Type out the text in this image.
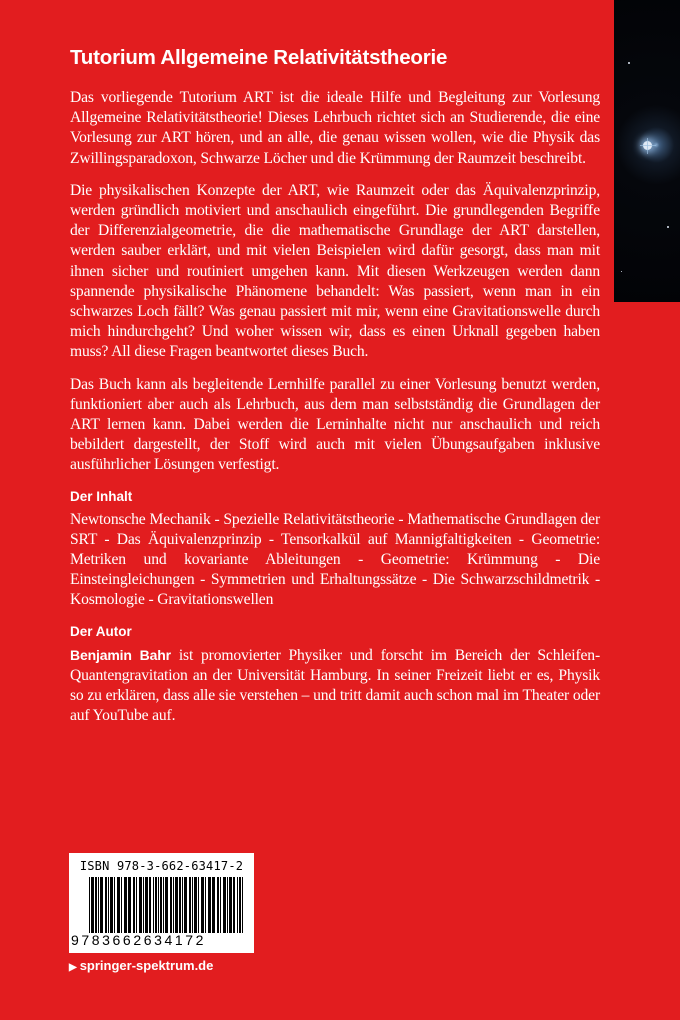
Tutorium Allgemeine Relativitätstheorie

Das vorliegende Tutorium ART ist die ideale Hilfe und Begleitung zur Vorlesung Allgemeine Relativitätstheorie! Dieses Lehrbuch richtet sich an Studierende, die eine Vorlesung zur ART hören, und an alle, die genau wissen wollen, wie die Physik das Zwillingsparadoxon, Schwarze Löcher und die Krümmung der Raumzeit beschreibt.

Die physikalischen Konzepte der ART, wie Raumzeit oder das Äquivalenzprinzip, werden gründlich motiviert und anschaulich eingeführt. Die grundlegenden Begriffe der Differenzialgeometrie, die die mathematische Grundlage der ART darstellen, werden sauber erklärt, und mit vielen Beispielen wird dafür gesorgt, dass man mit ihnen sicher und routiniert umgehen kann. Mit diesen Werkzeugen werden dann spannende physikalische Phänomene behandelt: Was passiert, wenn man in ein schwarzes Loch fällt? Was genau passiert mit mir, wenn eine Gravitationswelle durch mich hindurchgeht? Und woher wissen wir, dass es einen Urknall gegeben haben muss? All diese Fragen beantwortet dieses Buch.

Das Buch kann als begleitende Lernhilfe parallel zu einer Vorlesung benutzt werden, funktioniert aber auch als Lehrbuch, aus dem man selbstständig die Grundlagen der ART lernen kann. Dabei werden die Lerninhalte nicht nur anschaulich und reich bebildert dargestellt, der Stoff wird auch mit vielen Übungsaufgaben inklusive ausführlicher Lösungen verfestigt.

Der Inhalt

Newtonsche Mechanik - Spezielle Relativitätstheorie - Mathematische Grundlagen der SRT - Das Äquivalenzprinzip - Tensorkalkül auf Mannigfaltigkeiten - Geometrie: Metriken und kovariante Ableitungen - Geometrie: Krümmung - Die Einsteingleichungen - Symmetrien und Erhaltungssätze - Die Schwarzschildmetrik - Kosmologie - Gravitationswellen

Der Autor

Benjamin Bahr ist promovierter Physiker und forscht im Bereich der Schleifen-Quantengravitation an der Universität Hamburg. In seiner Freizeit liebt er es, Physik so zu erklären, dass alle sie verstehen – und tritt damit auch schon mal im Theater oder auf YouTube auf.

ISBN 978-3-662-63417-2
9783662634172
▶ springer-spektrum.de
